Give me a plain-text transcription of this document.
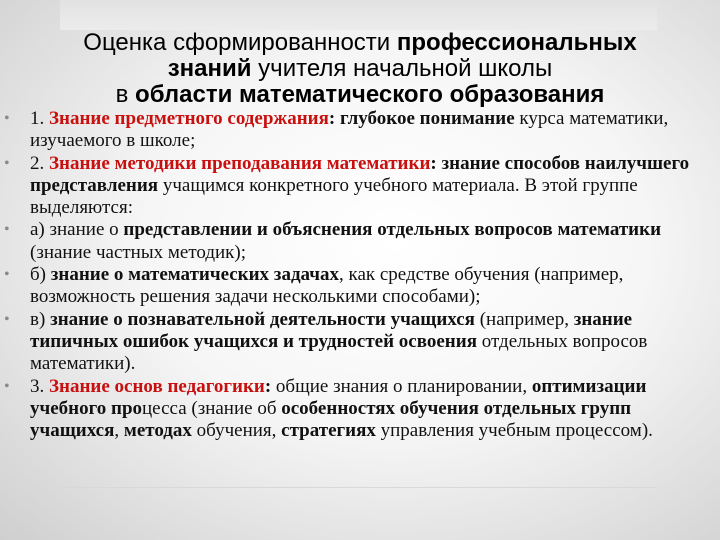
Оценка сформированности профессиональных
знаний учителя начальной школы
в области математического образования
• 1. Знание предметного содержания: глубокое понимание курса математики, изучаемого в школе;
• 2. Знание методики преподавания математики: знание способов наилучшего представления учащимся конкретного учебного материала. В этой группе выделяются:
• а) знание о представлении и объяснения отдельных вопросов математики (знание частных методик);
• б) знание о математических задачах, как средстве обучения (например, возможность решения задачи несколькими способами);
• в) знание о познавательной деятельности учащихся (например, знание типичных ошибок учащихся и трудностей освоения отдельных вопросов математики).
• 3. Знание основ педагогики: общие знания о планировании, оптимизации учебного процесса (знание об особенностях обучения отдельных групп учащихся, методах обучения, стратегиях управления учебным процессом).
